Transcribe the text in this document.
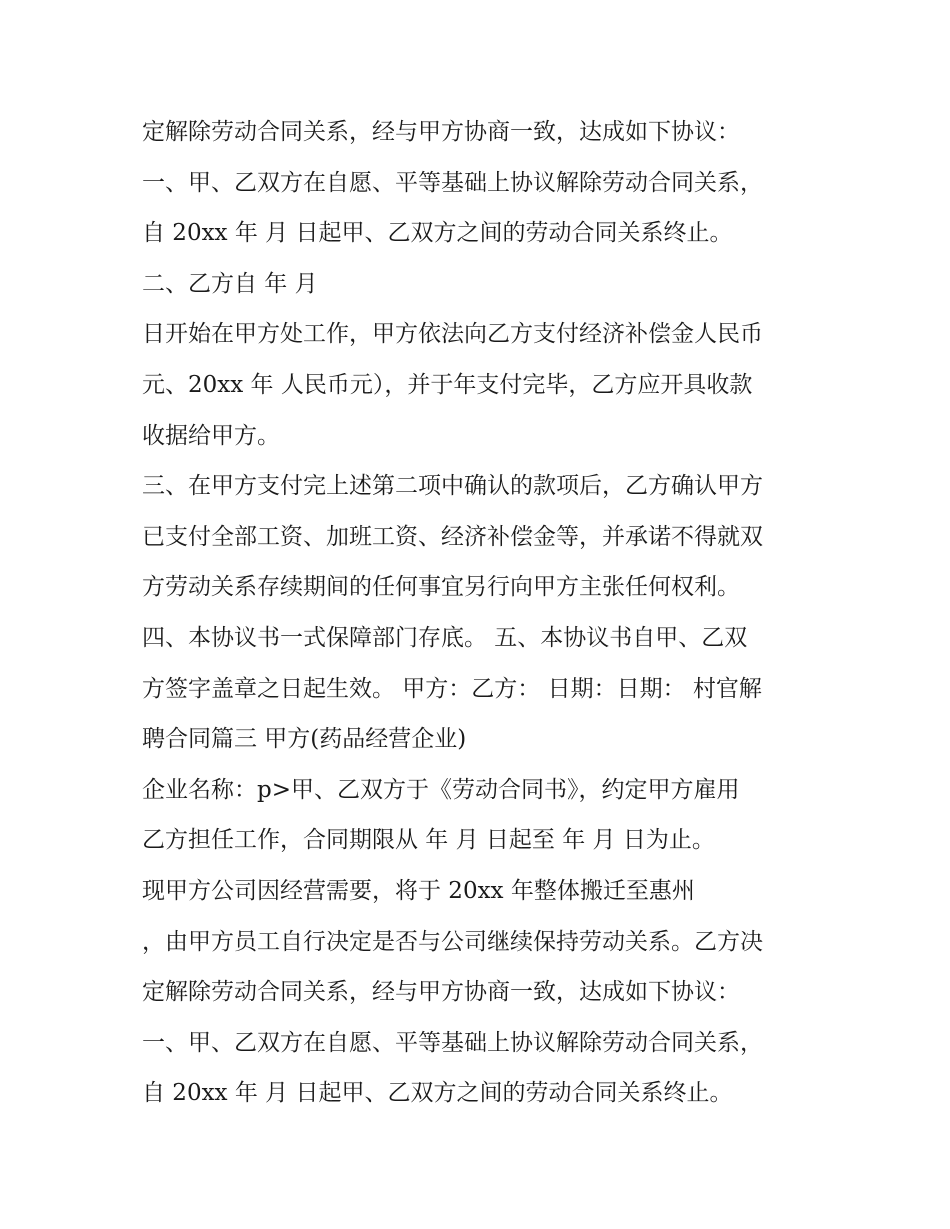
定解除劳动合同关系，经与甲方协商一致，达成如下协议：
一、甲、乙双方在自愿、平等基础上协议解除劳动合同关系，
自 20xx 年 月 日起甲、乙双方之间的劳动合同关系终止。
二、乙方自 年 月
日开始在甲方处工作，甲方依法向乙方支付经济补偿金人民币
元、20xx 年 人民币元），并于年支付完毕，乙方应开具收款
收据给甲方。
三、在甲方支付完上述第二项中确认的款项后，乙方确认甲方
已支付全部工资、加班工资、经济补偿金等，并承诺不得就双
方劳动关系存续期间的任何事宜另行向甲方主张任何权利。
四、本协议书一式保障部门存底。 五、本协议书自甲、乙双
方签字盖章之日起生效。 甲方：乙方： 日期：日期： 村官解
聘合同篇三 甲方(药品经营企业)
企业名称：p>甲、乙双方于《劳动合同书》，约定甲方雇用
乙方担任工作，合同期限从 年 月 日起至 年 月 日为止。
现甲方公司因经营需要，将于 20xx 年整体搬迁至惠州
，由甲方员工自行决定是否与公司继续保持劳动关系。乙方决
定解除劳动合同关系，经与甲方协商一致，达成如下协议：
一、甲、乙双方在自愿、平等基础上协议解除劳动合同关系，
自 20xx 年 月 日起甲、乙双方之间的劳动合同关系终止。
